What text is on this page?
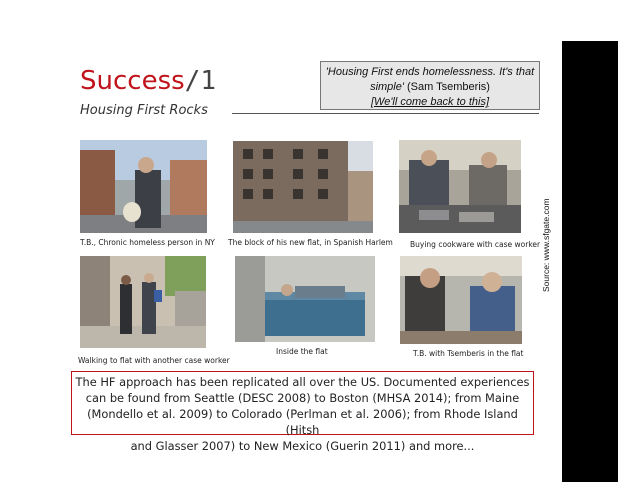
Success/1
Housing First Rocks
'Housing First ends homelessness. It's that simple' (Sam Tsemberis)
[We'll come back to this]
T.B., Chronic homeless person in NY The block of his new flat, in Spanish Harlem Buying cookware with case worker
Walking to flat with another case worker
Inside the flat	T.B. with Tsemberis in the flat
Source: www.sfgate.com
The HF approach has been replicated all over the US. Documented experiences
can be found from Seattle (DESC 2008) to Boston (MHSA 2014); from Maine
(Mondello et al. 2009) to Colorado (Perlman et al. 2006); from Rhode Island (Hitsh
and Glasser 2007) to New Mexico (Guerin 2011) and more...
